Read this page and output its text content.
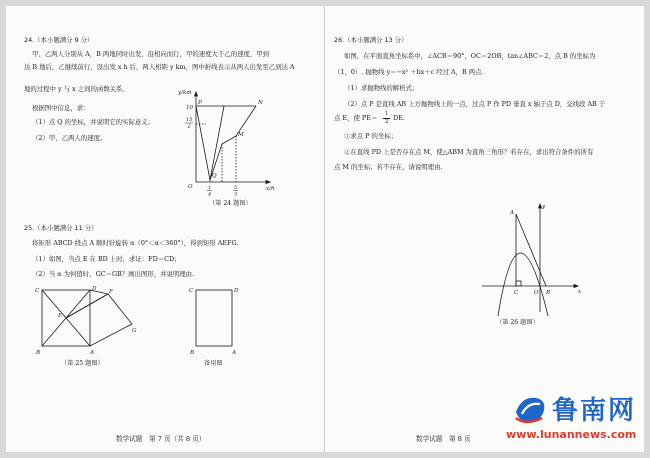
24.（本小题满分 9 分）
甲、乙两人分别从 A，B 两地同时出发，沿相向而行，甲的速度大于乙的速度，甲到
达 B 地后，乙继续前行，设出发 x h 后，两人相距 y km，图中折线表示从两人出发至乙到达 A
地的过程中 y 与 x 之间的函数关系。
根据图中信息，求：
（1）点 Q 的坐标，并说明它的实际意义；
（2）甲、乙两人的速度。
y/km
x/h
O
10
15
2
1
4
5
3
P	N
Q
M
（第 24 题图）
25.（本小题满分 11 分）
将矩形 ABCD 绕点 A 顺时针旋转 α（0°＜α＜360°），得到矩形 AEFG.
（1）如图，当点 E 在 BD 上时，求证：FD＝CD；
（2）当 α 为何值时，GC＝GB？画出图形，并说明理由.
C	D
E
F
G
B	A
（第 25 题图）
C	D
B	A
备用图
数学试题　第 7 页（共 8 页）
26.（本小题满分 13 分）
如图，在平面直角坐标系中，∠ACB＝90°，OC＝2OB，tan∠ABC＝2，点 B 的坐标为
（1，0）. 抛物线 y＝−x² ＋bx＋c 经过 A，B 两点.
（1）求抛物线的解析式；
（2）点 P 是直线 AB 上方抛物线上的一点，过点 P 作 PD 垂直 x 轴于点 D，交线段 AB 于
点 E，使 PE＝ 1
2 DE.
①求点 P 的坐标；
②在直线 PD 上是否存在点 M，使△ABM 为直角三角形？若存在，求出符合条件的所有
点 M 的坐标；若不存在，请说明理由.
y
x
A
C	O B
（第 26 题图）
数学试题　第 8 页
鲁南网
www.lunannews.com
